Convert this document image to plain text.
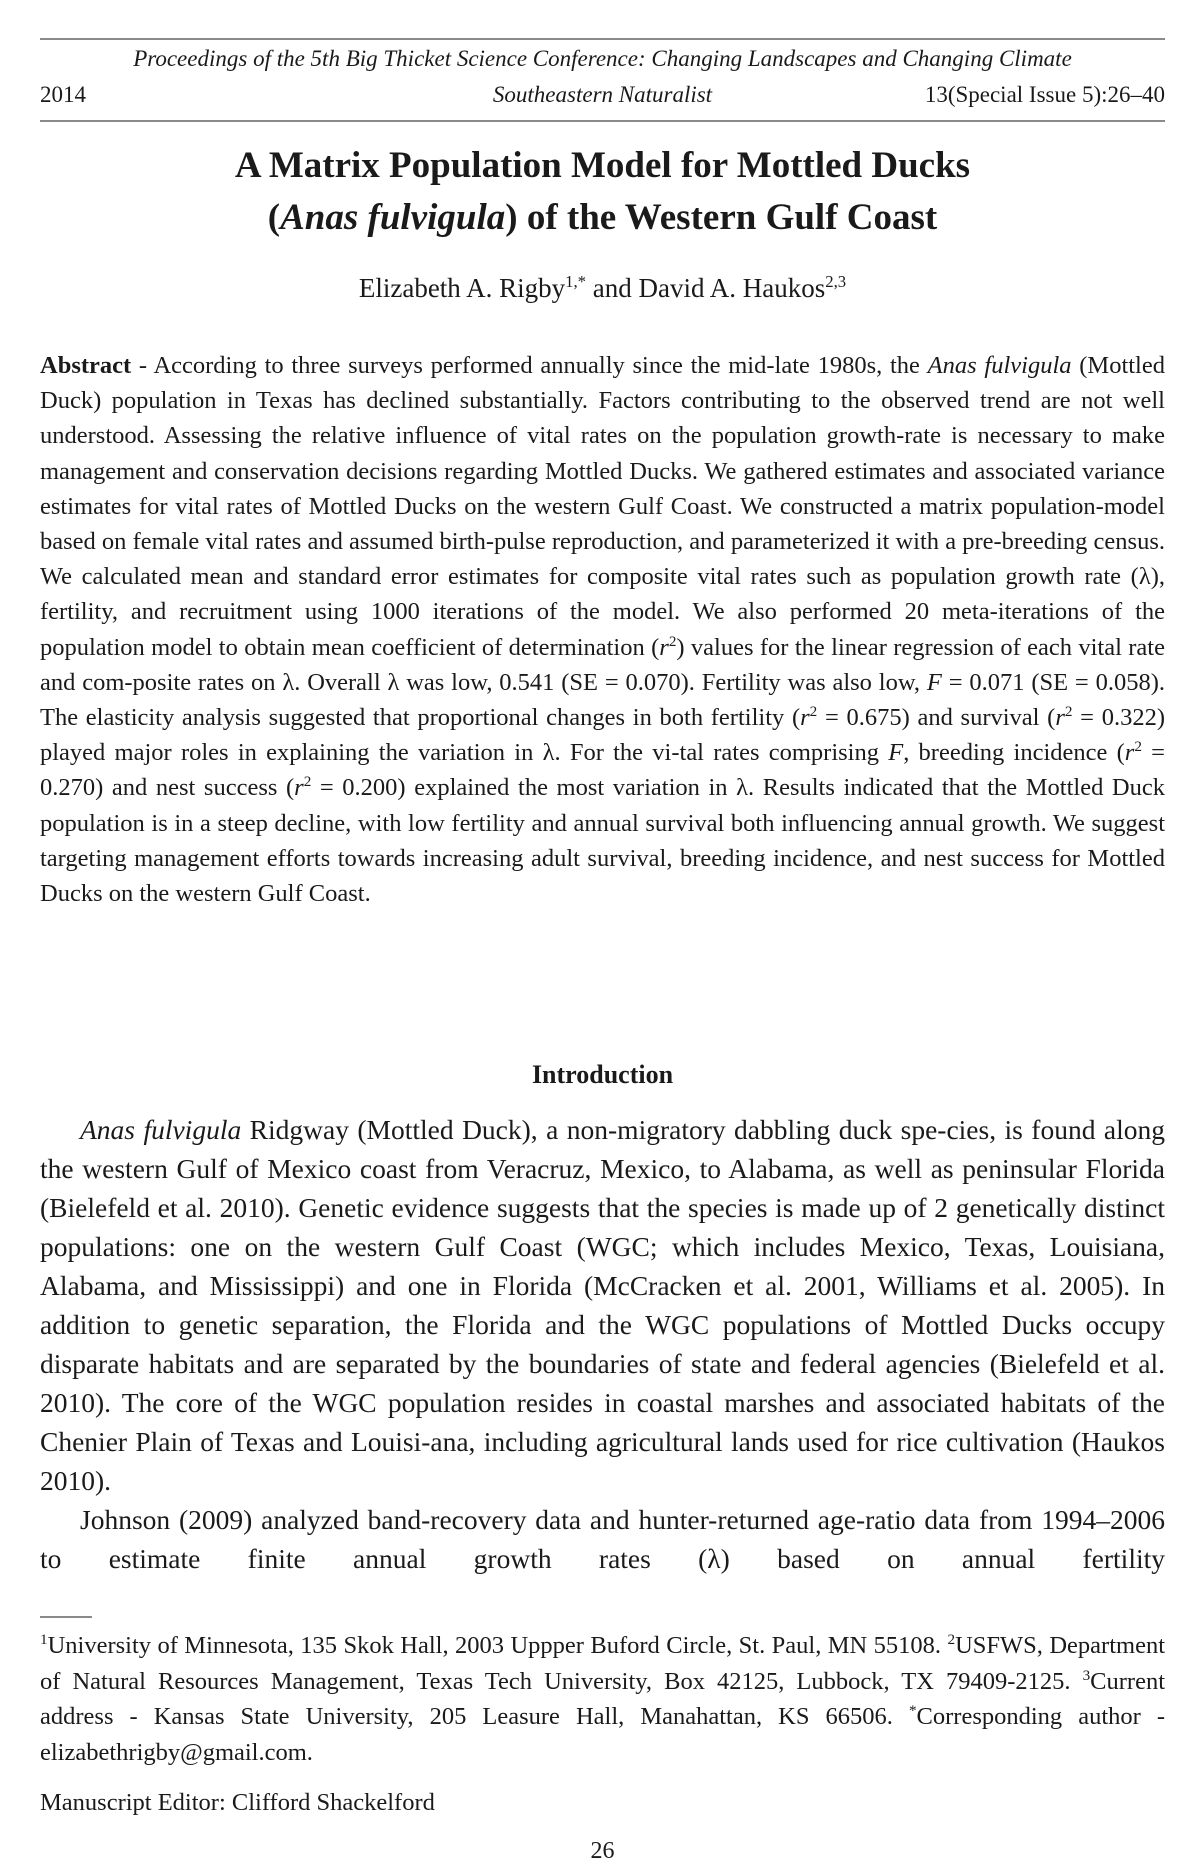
Proceedings of the 5th Big Thicket Science Conference: Changing Landscapes and Changing Climate
2014	Southeastern Naturalist	13(Special Issue 5):26–40
A Matrix Population Model for Mottled Ducks
(Anas fulvigula) of the Western Gulf Coast
Elizabeth A. Rigby$^{1,*}$ and David A. Haukos$^{2,3}$
Abstract - According to three surveys performed annually since the mid-late 1980s, the Anas fulvigula (Mottled Duck) population in Texas has declined substantially. Factors contributing to the observed trend are not well understood. Assessing the relative influence of vital rates on the population growth-rate is necessary to make management and conservation decisions regarding Mottled Ducks. We gathered estimates and associated variance estimates for vital rates of Mottled Ducks on the western Gulf Coast. We constructed a matrix population-model based on female vital rates and assumed birth-pulse reproduction, and parameterized it with a pre-breeding census. We calculated mean and standard error estimates for composite vital rates such as population growth rate (λ), fertility, and recruitment using 1000 iterations of the model. We also performed 20 meta-iterations of the population model to obtain mean coefficient of determination $(r^2)$ values for the linear regression of each vital rate and com-posite rates on λ. Overall λ was low, 0.541 (SE = 0.070). Fertility was also low, F = 0.071 (SE = 0.058). The elasticity analysis suggested that proportional changes in both fertility $(r^2 = 0.675)$ and survival $(r^2 = 0.322)$ played major roles in explaining the variation in λ. For the vi-tal rates comprising F, breeding incidence $(r^2 = 0.270)$ and nest success $(r^2 = 0.200)$ explained the most variation in λ. Results indicated that the Mottled Duck population is in a steep decline, with low fertility and annual survival both influencing annual growth. We suggest targeting management efforts towards increasing adult survival, breeding incidence, and nest success for Mottled Ducks on the western Gulf Coast.
Introduction

Anas fulvigula Ridgway (Mottled Duck), a non-migratory dabbling duck spe-cies, is found along the western Gulf of Mexico coast from Veracruz, Mexico, to Alabama, as well as peninsular Florida (Bielefeld et al. 2010). Genetic evidence suggests that the species is made up of 2 genetically distinct populations: one on the western Gulf Coast (WGC; which includes Mexico, Texas, Louisiana, Alabama, and Mississippi) and one in Florida (McCracken et al. 2001, Williams et al. 2005). In addition to genetic separation, the Florida and the WGC populations of Mottled Ducks occupy disparate habitats and are separated by the boundaries of state and federal agencies (Bielefeld et al. 2010). The core of the WGC population resides in coastal marshes and associated habitats of the Chenier Plain of Texas and Louisi-ana, including agricultural lands used for rice cultivation (Haukos 2010).

Johnson (2009) analyzed band-recovery data and hunter-returned age-ratio data from 1994–2006 to estimate finite annual growth rates (λ) based on annual fertility

$^1$University of Minnesota, 135 Skok Hall, 2003 Uppper Buford Circle, St. Paul, MN 55108. $^2$USFWS, Department of Natural Resources Management, Texas Tech University, Box 42125, Lubbock, TX 79409-2125. $^3$Current address - Kansas State University, 205 Leasure Hall, Manahattan, KS 66506. *Corresponding author - elizabethrigby@gmail.com.
Manuscript Editor: Clifford Shackelford
26
